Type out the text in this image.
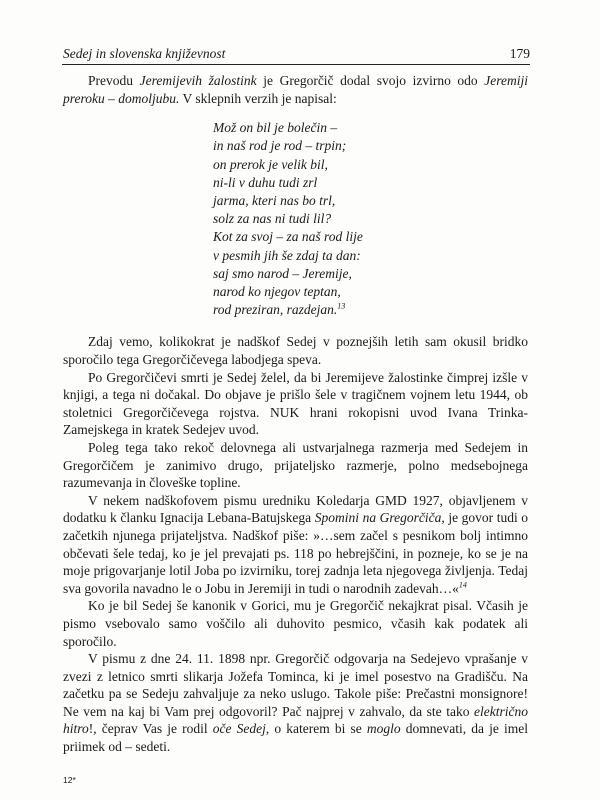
Sedej in slovenska književnost	179

Prevodu Jeremijevih žalostink je Gregorčič dodal svojo izvirno odo Jeremiji preroku – domoljubu. V sklepnih verzih je napisal:

Mož on bil je bolečin –
in naš rod je rod – trpin;
on prerok je velik bil,
ni-li v duhu tudi zrl
jarma, kteri nas bo trl,
solz za nas ni tudi lil?
Kot za svoj – za naš rod lije
v pesmih jih še zdaj ta dan:
saj smo narod – Jeremije,
narod ko njegov teptan,
rod preziran, razdejan.$^{13}$

Zdaj vemo, kolikokrat je nadškof Sedej v poznejših letih sam okusil bridko sporočilo tega Gregorčičevega labodjega speva.

Po Gregorčičevi smrti je Sedej želel, da bi Jeremijeve žalostinke čimprej izšle v knjigi, a tega ni dočakal. Do objave je prišlo šele v tragičnem vojnem letu 1944, ob stoletnici Gregorčičevega rojstva. NUK hrani rokopisni uvod Ivana Trinka-Zamejskega in kratek Sedejev uvod.

Poleg tega tako rekoč delovnega ali ustvarjalnega razmerja med Sedejem in Gregorčičem je zanimivo drugo, prijateljsko razmerje, polno medsebojnega razumevanja in človeške topline.

V nekem nadškofovem pismu uredniku Koledarja GMD 1927, objavljenem v dodatku k članku Ignacija Lebana-Batujskega Spomini na Gregorčiča, je govor tudi o začetkih njunega prijateljstva. Nadškof piše: »…sem začel s pesnikom bolj intimno občevati šele tedaj, ko je jel prevajati ps. 118 po hebrejščini, in pozneje, ko se je na moje prigovarjanje lotil Joba po izvirniku, torej zadnja leta njegovega življenja. Tedaj sva govorila navadno le o Jobu in Jeremiji in tudi o narodnih zadevah…«$^{14}$

Ko je bil Sedej še kanonik v Gorici, mu je Gregorčič nekajkrat pisal. Včasih je pismo vsebovalo samo voščilo ali duhovito pesmico, včasih kak podatek ali sporočilo.

V pismu z dne 24. 11. 1898 npr. Gregorčič odgovarja na Sedejevo vprašanje v zvezi z letnico smrti slikarja Jožefa Tominca, ki je imel posestvo na Gradišču. Na začetku pa se Sedeju zahvaljuje za neko uslugo. Takole piše: Prečastni monsignore! Ne vem na kaj bi Vam prej odgovoril? Pač najprej v zahvalo, da ste tako električno hitro!, čeprav Vas je rodil oče Sedej, o katerem bi se moglo domnevati, da je imel priimek od – sedeti.

12*
